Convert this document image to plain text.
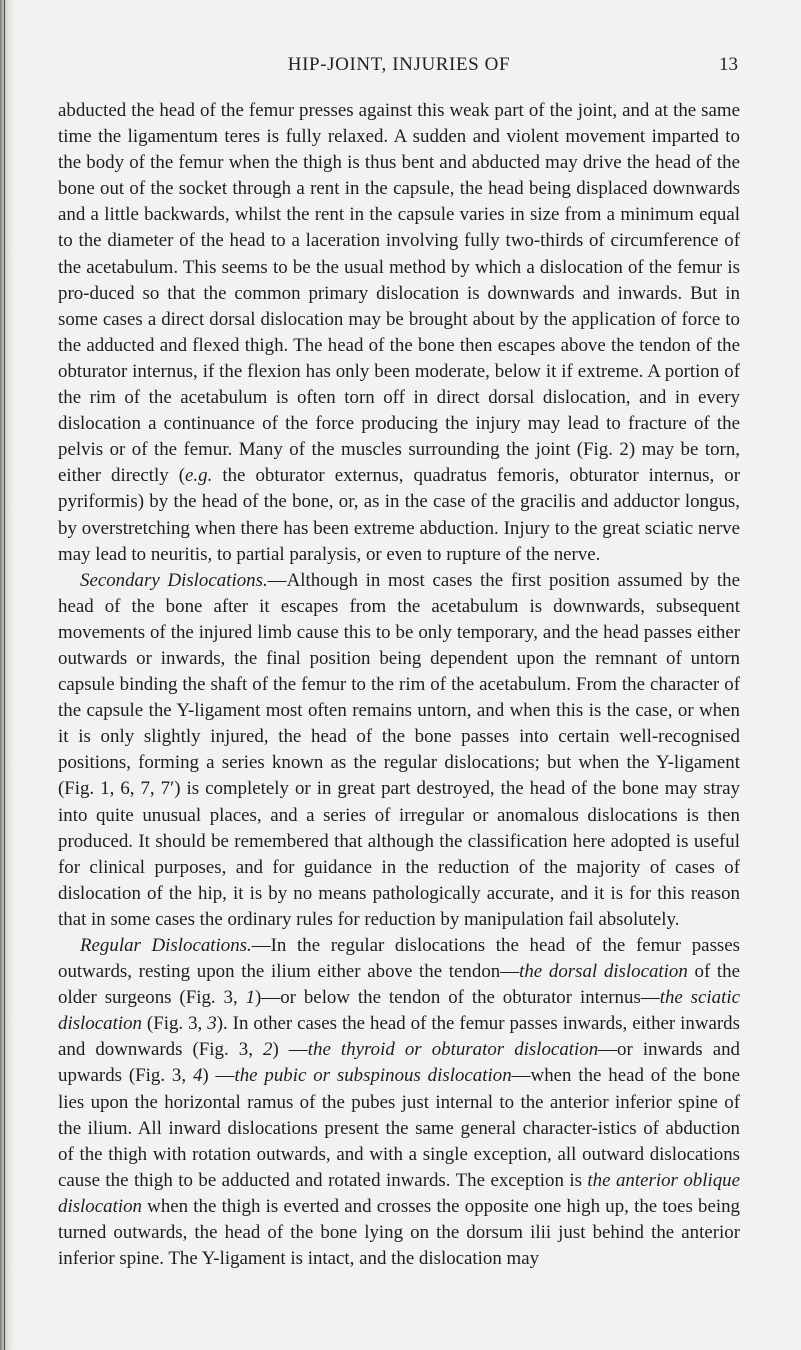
HIP-JOINT, INJURIES OF	13

abducted the head of the femur presses against this weak part of the joint, and at the same time the ligamentum teres is fully relaxed. A sudden and violent movement imparted to the body of the femur when the thigh is thus bent and abducted may drive the head of the bone out of the socket through a rent in the capsule, the head being displaced downwards and a little backwards, whilst the rent in the capsule varies in size from a minimum equal to the diameter of the head to a laceration involving fully two-thirds of circumference of the acetabulum. This seems to be the usual method by which a dislocation of the femur is pro-duced so that the common primary dislocation is downwards and inwards. But in some cases a direct dorsal dislocation may be brought about by the application of force to the adducted and flexed thigh. The head of the bone then escapes above the tendon of the obturator internus, if the flexion has only been moderate, below it if extreme. A portion of the rim of the acetabulum is often torn off in direct dorsal dislocation, and in every dislocation a continuance of the force producing the injury may lead to fracture of the pelvis or of the femur. Many of the muscles surrounding the joint (Fig. 2) may be torn, either directly (e.g. the obturator externus, quadratus femoris, obturator internus, or pyriformis) by the head of the bone, or, as in the case of the gracilis and adductor longus, by overstretching when there has been extreme abduction. Injury to the great sciatic nerve may lead to neuritis, to partial paralysis, or even to rupture of the nerve.

Secondary Dislocations.—Although in most cases the first position assumed by the head of the bone after it escapes from the acetabulum is downwards, subsequent movements of the injured limb cause this to be only temporary, and the head passes either outwards or inwards, the final position being dependent upon the remnant of untorn capsule binding the shaft of the femur to the rim of the acetabulum. From the character of the capsule the Y-ligament most often remains untorn, and when this is the case, or when it is only slightly injured, the head of the bone passes into certain well-recognised positions, forming a series known as the regular dislocations; but when the Y-ligament (Fig. 1, 6, 7, 7′) is completely or in great part destroyed, the head of the bone may stray into quite unusual places, and a series of irregular or anomalous dislocations is then produced. It should be remembered that although the classification here adopted is useful for clinical purposes, and for guidance in the reduction of the majority of cases of dislocation of the hip, it is by no means pathologically accurate, and it is for this reason that in some cases the ordinary rules for reduction by manipulation fail absolutely.

Regular Dislocations.—In the regular dislocations the head of the femur passes outwards, resting upon the ilium either above the tendon—the dorsal dislocation of the older surgeons (Fig. 3, 1)—or below the tendon of the obturator internus—the sciatic dislocation (Fig. 3, 3). In other cases the head of the femur passes inwards, either inwards and downwards (Fig. 3, 2) —the thyroid or obturator dislocation—or inwards and upwards (Fig. 3, 4) —the pubic or subspinous dislocation—when the head of the bone lies upon the horizontal ramus of the pubes just internal to the anterior inferior spine of the ilium. All inward dislocations present the same general character-istics of abduction of the thigh with rotation outwards, and with a single exception, all outward dislocations cause the thigh to be adducted and rotated inwards. The exception is the anterior oblique dislocation when the thigh is everted and crosses the opposite one high up, the toes being turned outwards, the head of the bone lying on the dorsum ilii just behind the anterior inferior spine. The Y-ligament is intact, and the dislocation may
